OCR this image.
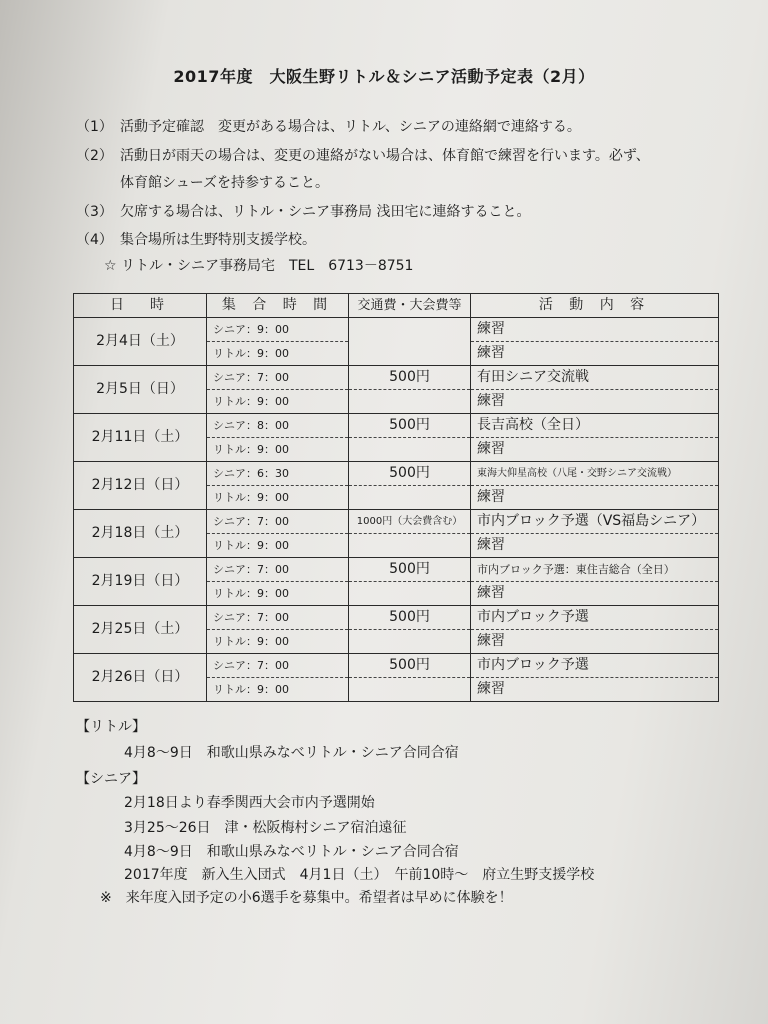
2017年度　大阪生野リトル＆シニア活動予定表（2月）
（1） 活動予定確認　変更がある場合は、リトル、シニアの連絡網で連絡する。
（2） 活動日が雨天の場合は、変更の連絡がない場合は、体育館で練習を行います。必ず、
体育館シューズを持参すること。
（3） 欠席する場合は、リトル・シニア事務局 浅田宅に連絡すること。
（4） 集合場所は生野特別支援学校。
☆ リトル・シニア事務局宅　TEL　6713－8751
日　時	集 合 時 間	交通費・大会費等	活 動 内 容
2月4日（土）	シニア：9：00		練習
	リトル：9：00		練習
2月5日（日）	シニア：7：00	500円	有田シニア交流戦
	リトル：9：00		練習
2月11日（土）	シニア：8：00	500円	長吉高校（全日）
	リトル：9：00		練習
2月12日（日）	シニア：6：30	500円	東海大仰星高校（八尾・交野シニア交流戦）
	リトル：9：00		練習
2月18日（土）	シニア：7：00	1000円（大会費含む）	市内ブロック予選（VS福島シニア）
	リトル：9：00		練習
2月19日（日）	シニア：7：00	500円	市内ブロック予選：東住吉総合（全日）
	リトル：9：00		練習
2月25日（土）	シニア：7：00	500円	市内ブロック予選
	リトル：9：00		練習
2月26日（日）	シニア：7：00	500円	市内ブロック予選
	リトル：9：00		練習
【リトル】
4月8～9日　和歌山県みなべリトル・シニア合同合宿
【シニア】
2月18日より春季関西大会市内予選開始
3月25～26日　津・松阪梅村シニア宿泊遠征
4月8～9日　和歌山県みなべリトル・シニア合同合宿
2017年度　新入生入団式　4月1日（土）　午前10時～　府立生野支援学校
※　来年度入団予定の小6選手を募集中。希望者は早めに体験を！
